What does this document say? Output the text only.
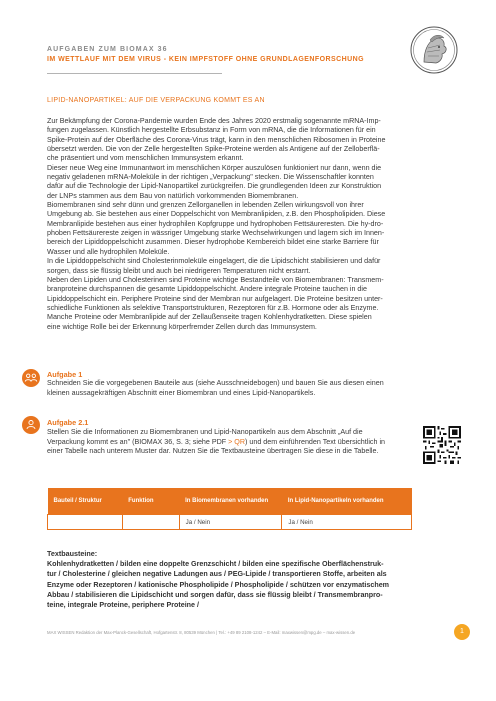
AUFGABEN ZUM BIOMAX 36
IM WETTLAUF MIT DEM VIRUS - KEIN IMPFSTOFF OHNE GRUNDLAGENFORSCHUNG
LIPID-NANOPARTIKEL: AUF DIE VERPACKUNG KOMMT ES AN

Zur Bekämpfung der Corona-Pandemie wurden Ende des Jahres 2020 erstmalig sogenannte mRNA-Imp-

fungen zugelassen. Künstlich hergestellte Erbsubstanz in Form von mRNA, die die Informationen für ein

Spike-Protein auf der Oberfläche des Corona-Virus trägt, kann in den menschlichen Ribosomen in Proteine

übersetzt werden. Die von der Zelle hergestellten Spike-Proteine werden als Antigene auf der Zelloberflä-

che präsentiert und vom menschlichen Immunsystem erkannt.

Dieser neue Weg eine Immunantwort im menschlichen Körper auszulösen funktioniert nur dann, wenn die

negativ geladenen mRNA-Moleküle in der richtigen „Verpackung" stecken. Die Wissenschaftler konnten

dafür auf die Technologie der Lipid-Nanopartikel zurückgreifen. Die grundlegenden Ideen zur Konstruktion

der LNPs stammen aus dem Bau von natürlich vorkommenden Biomembranen.

Biomembranen sind sehr dünn und grenzen Zellorganellen in lebenden Zellen wirkungsvoll von ihrer

Umgebung ab. Sie bestehen aus einer Doppelschicht von Membranlipiden, z.B. den Phospholipiden. Diese

Membranlipide bestehen aus einer hydrophilen Kopfgruppe und hydrophoben Fettsäureresten. Die hy-dro-

phoben Fettsäurereste zeigen in wässriger Umgebung starke Wechselwirkungen und lagern sich im Innen-

bereich der Lipiddoppelschicht zusammen. Dieser hydrophobe Kernbereich bildet eine starke Barriere für

Wasser und alle hydrophilen Moleküle.

In die Lipiddoppelschicht sind Cholesterinmoleküle eingelagert, die die Lipidschicht stabilisieren und dafür

sorgen, dass sie flüssig bleibt und auch bei niedrigeren Temperaturen nicht erstarrt.

Neben den Lipiden und Cholesterinen sind Proteine wichtige Bestandteile von Biomembranen: Transmem-

branproteine durchspannen die gesamte Lipiddoppelschicht. Andere integrale Proteine tauchen in die

Lipiddoppelschicht ein. Periphere Proteine sind der Membran nur aufgelagert. Die Proteine besitzen unter-

schiedliche Funktionen als selektive Transportstrukturen, Rezeptoren für z.B. Hormone oder als Enzyme.

Manche Proteine oder Membranlipide auf der Zellaußenseite tragen Kohlenhydratketten. Diese spielen

eine wichtige Rolle bei der Erkennung körperfremder Zellen durch das Immunsystem.

Aufgabe 1
Schneiden Sie die vorgegebenen Bauteile aus (siehe Ausschneidebogen) und bauen Sie aus diesen einen
kleinen aussagekräftigen Abschnitt einer Biomembran und eines Lipid-Nanopartikels.
Aufgabe 2.1
Stellen Sie die Informationen zu Biomembranen und Lipid-Nanopartikeln aus dem Abschnitt „Auf die
Verpackung kommt es an" (BIOMAX 36, S. 3; siehe PDF > QR) und dem einführenden Text übersichtlich in
einer Tabelle nach unterem Muster dar. Nutzen Sie die Textbausteine übertragen Sie diese in die Tabelle.
Bauteil / Struktur	Funktion	In Biomembranen vorhanden	In Lipid-Nanopartikeln vorhanden
		Ja / Nein	Ja / Nein
Textbausteine:
Kohlenhydratketten / bilden eine doppelte Grenzschicht / bilden eine spezifische Oberflächenstruk-
tur / Cholesterine / gleichen negative Ladungen aus / PEG-Lipide / transportieren Stoffe, arbeiten als
Enzyme oder Rezeptoren / kationische Phospholipide / Phospholipide / schützen vor enzymatischem
Abbau / stabilisieren die Lipidschicht und sorgen dafür, dass sie flüssig bleibt / Transmembranpro-
teine, integrale Proteine, periphere Proteine /
MAX WISSEN Redaktion der Max-Planck-Gesellschaft, Hofgartenstr. 8, 80539 München | Tel.: +49 89 2108-1242 – E-Mail: maxwissen@mpg.de – max-wissen.de	1
